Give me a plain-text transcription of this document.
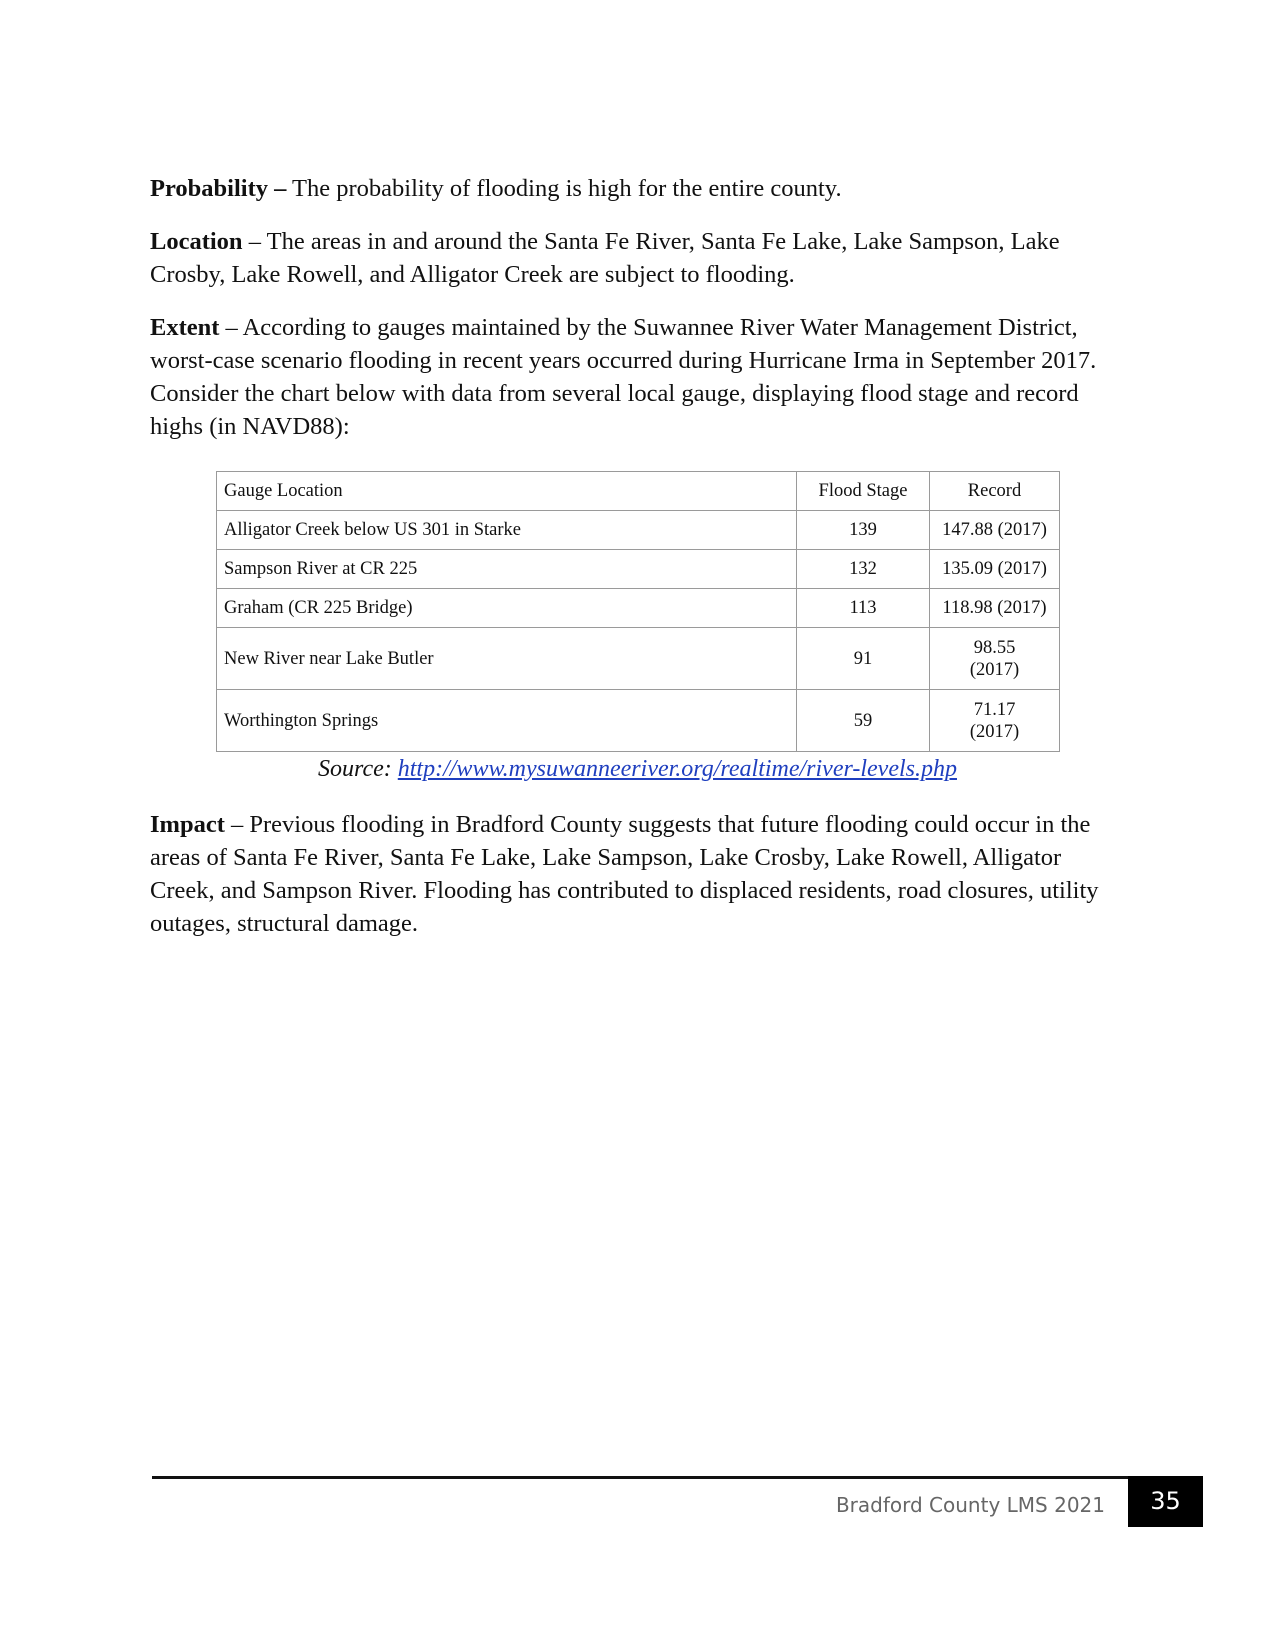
Probability – The probability of flooding is high for the entire county.

Location – The areas in and around the Santa Fe River, Santa Fe Lake, Lake Sampson, Lake Crosby, Lake Rowell, and Alligator Creek are subject to flooding.

Extent – According to gauges maintained by the Suwannee River Water Management District, worst-case scenario flooding in recent years occurred during Hurricane Irma in September 2017. Consider the chart below with data from several local gauge, displaying flood stage and record highs (in NAVD88):

Gauge Location	Flood Stage	Record
Alligator Creek below US 301 in Starke	139	147.88 (2017)
Sampson River at CR 225	132	135.09 (2017)
Graham (CR 225 Bridge)	113	118.98 (2017)
New River near Lake Butler	91	98.55
(2017)
Worthington Springs	59	71.17
(2017)
Source: http://www.mysuwanneeriver.org/realtime/river-levels.php

Impact – Previous flooding in Bradford County suggests that future flooding could occur in the areas of Santa Fe River, Santa Fe Lake, Lake Sampson, Lake Crosby, Lake Rowell, Alligator Creek, and Sampson River. Flooding has contributed to displaced residents, road closures, utility outages, structural damage.

Bradford County LMS 2021	35
